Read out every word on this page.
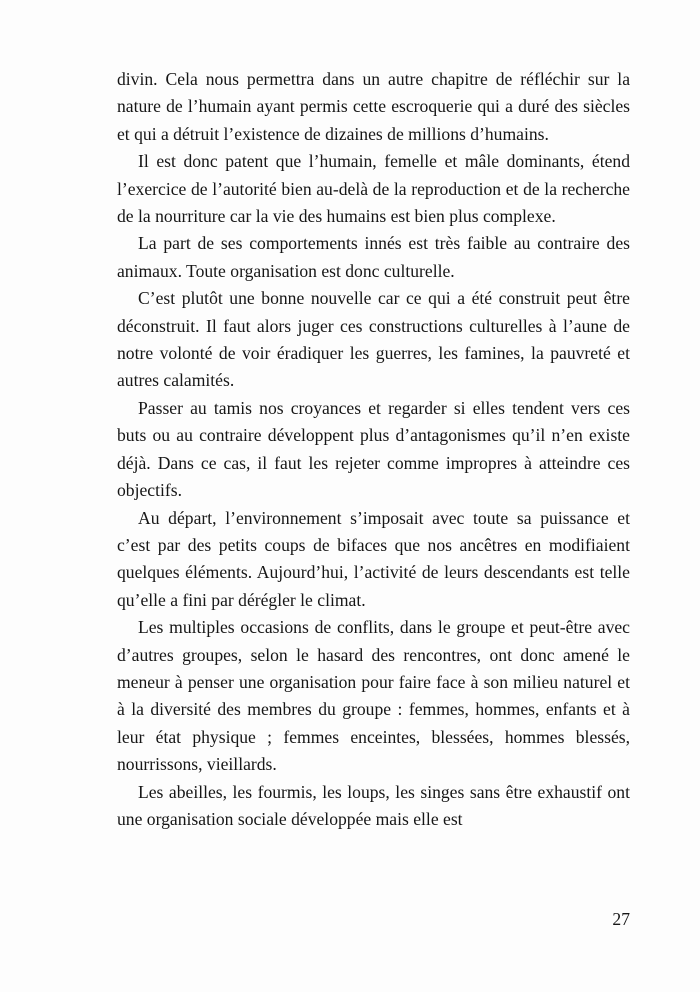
divin. Cela nous permettra dans un autre chapitre de réfléchir sur la nature de l’humain ayant permis cette escroquerie qui a duré des siècles et qui a détruit l’existence de dizaines de millions d’humains.

Il est donc patent que l’humain, femelle et mâle dominants, étend l’exercice de l’autorité bien au-delà de la reproduction et de la recherche de la nourriture car la vie des humains est bien plus complexe.

La part de ses comportements innés est très faible au contraire des animaux. Toute organisation est donc culturelle.

C’est plutôt une bonne nouvelle car ce qui a été construit peut être déconstruit. Il faut alors juger ces constructions culturelles à l’aune de notre volonté de voir éradiquer les guerres, les famines, la pauvreté et autres calamités.

Passer au tamis nos croyances et regarder si elles tendent vers ces buts ou au contraire développent plus d’antagonismes qu’il n’en existe déjà. Dans ce cas, il faut les rejeter comme impropres à atteindre ces objectifs.

Au départ, l’environnement s’imposait avec toute sa puissance et c’est par des petits coups de bifaces que nos ancêtres en modifiaient quelques éléments. Aujourd’hui, l’activité de leurs descendants est telle qu’elle a fini par dérégler le climat.

Les multiples occasions de conflits, dans le groupe et peut-être avec d’autres groupes, selon le hasard des rencontres, ont donc amené le meneur à penser une organisation pour faire face à son milieu naturel et à la diversité des membres du groupe : femmes, hommes, enfants et à leur état physique ; femmes enceintes, blessées, hommes blessés, nourrissons, vieillards.

Les abeilles, les fourmis, les loups, les singes sans être exhaustif ont une organisation sociale développée mais elle est

27
